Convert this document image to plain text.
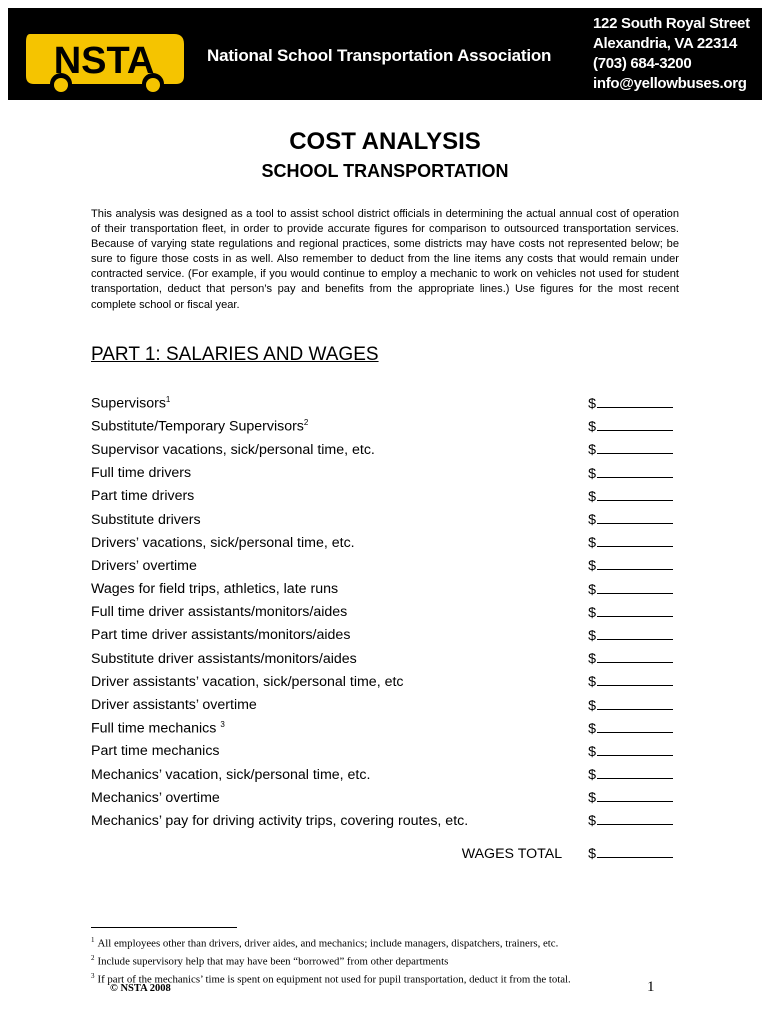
NSTA	National School Transportation Association
122 South Royal Street
Alexandria, VA 22314
(703) 684-3200
info@yellowbuses.org
COST ANALYSIS
SCHOOL TRANSPORTATION
This analysis was designed as a tool to assist school district officials in determining the actual annual cost of operation of their transportation fleet, in order to provide accurate figures for comparison to outsourced transportation services. Because of varying state regulations and regional practices, some districts may have costs not represented below; be sure to figure those costs in as well. Also remember to deduct from the line items any costs that would remain under contracted service. (For example, if you would continue to employ a mechanic to work on vehicles not used for student transportation, deduct that person’s pay and benefits from the appropriate lines.) Use figures for the most recent complete school or fiscal year.
PART 1: SALARIES AND WAGES
Supervisors$^1$	$
Substitute/Temporary Supervisors$^2$	$
Supervisor vacations, sick/personal time, etc.	$
Full time drivers	$
Part time drivers	$
Substitute drivers	$
Drivers’ vacations, sick/personal time, etc.	$
Drivers’ overtime	$
Wages for field trips, athletics, late runs	$
Full time driver assistants/monitors/aides	$
Part time driver assistants/monitors/aides	$
Substitute driver assistants/monitors/aides	$
Driver assistants’ vacation, sick/personal time, etc	$
Driver assistants’ overtime	$
Full time mechanics $^3$	$
Part time mechanics	$
Mechanics’ vacation, sick/personal time, etc.	$
Mechanics’ overtime	$
Mechanics’ pay for driving activity trips, covering routes, etc.	$
WAGES TOTAL $
$^1$ All employees other than drivers, driver aides, and mechanics; include managers, dispatchers, trainers, etc.
$^2$ Include supervisory help that may have been “borrowed” from other departments
$^3$ If part of the mechanics’ time is spent on equipment not used for pupil transportation, deduct it from the total.
© NSTA 2008	1
